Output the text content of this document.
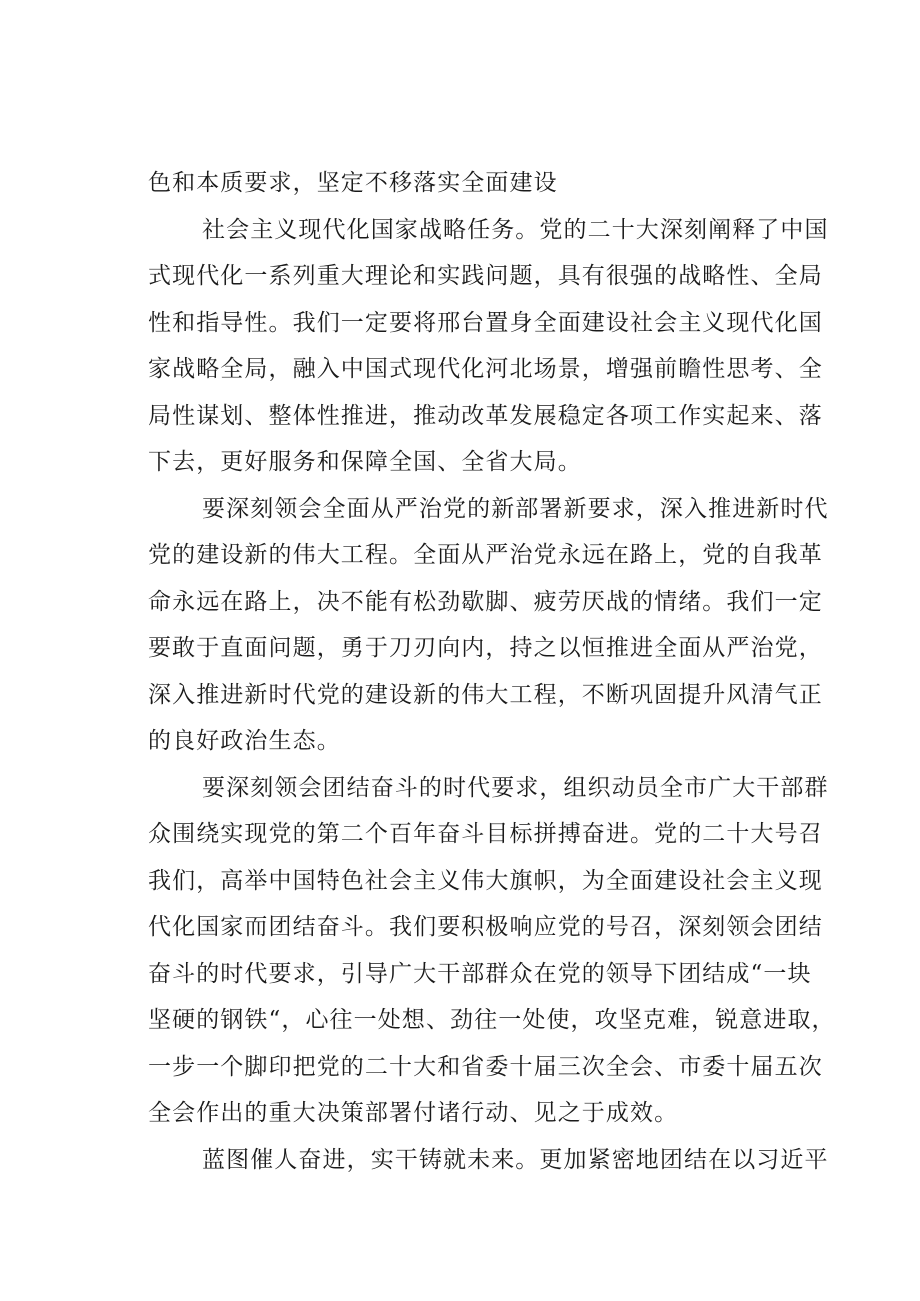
色和本质要求，坚定不移落实全面建设
社会主义现代化国家战略任务。党的二十大深刻阐释了中国
式现代化一系列重大理论和实践问题，具有很强的战略性、全局
性和指导性。我们一定要将邢台置身全面建设社会主义现代化国
家战略全局，融入中国式现代化河北场景，增强前瞻性思考、全
局性谋划、整体性推进，推动改革发展稳定各项工作实起来、落
下去，更好服务和保障全国、全省大局。
要深刻领会全面从严治党的新部署新要求，深入推进新时代
党的建设新的伟大工程。全面从严治党永远在路上，党的自我革
命永远在路上，决不能有松劲歇脚、疲劳厌战的情绪。我们一定
要敢于直面问题，勇于刀刃向内，持之以恒推进全面从严治党，
深入推进新时代党的建设新的伟大工程，不断巩固提升风清气正
的良好政治生态。
要深刻领会团结奋斗的时代要求，组织动员全市广大干部群
众围绕实现党的第二个百年奋斗目标拼搏奋进。党的二十大号召
我们，高举中国特色社会主义伟大旗帜，为全面建设社会主义现
代化国家而团结奋斗。我们要积极响应党的号召，深刻领会团结
奋斗的时代要求，引导广大干部群众在党的领导下团结成“一块
坚硬的钢铁“，心往一处想、劲往一处使，攻坚克难，锐意进取，
一步一个脚印把党的二十大和省委十届三次全会、市委十届五次
全会作出的重大决策部署付诸行动、见之于成效。
蓝图催人奋进，实干铸就未来。更加紧密地团结在以习近平
